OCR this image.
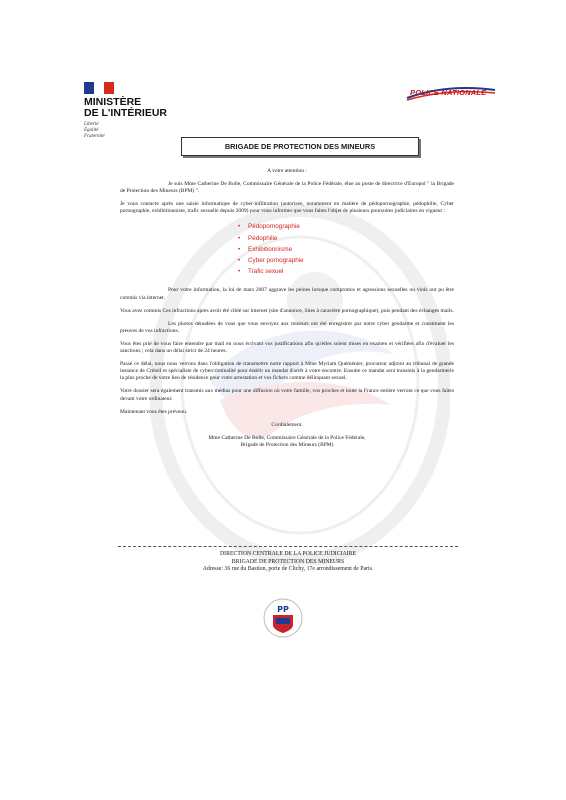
MINISTÈRE
DE L'INTÉRIEUR
Liberté
Égalité
Fraternité
POLICE NATIONALE
BRIGADE DE PROTECTION DES MINEURS

A votre attention :

Je suis Mme Catherine De Bolle, Commissaire Générale de la Police Fédérale, élue au poste de directrice d'Europol " la Brigade de Protection des Mineurs (BPM) ".

Je vous contacte après une saisie informatique de cyber-infiltration (autorisée, notamment en matière de pédopornographie, pédophilie, Cyber pornographie, exhibitionniste, trafic sexuelle depuis 2009) pour vous informer que vous faites l'objet de plusieurs poursuites judiciaires en vigueur :

• Pédopornographie
• Pédophilie
• Exhibitionnisme
• Cyber pornographie
• Trafic sexuel

Pour votre information, la loi de mars 2007 aggrave les peines lorsque compromis et agressions sexuelles ou viols ont pu être commis via internet.

Vous avez commis Ces infractions après avoir été ciblé sur internet (site d'annonce, Sites à caractère pornographique), puis pendant des échanges mails.

Les photos dénudées de vous que vous envoyez aux mineurs ont été enregistrer par notre cyber gendarme et constituent les preuves de vos infractions.

Vous êtes prié de vous faire entendre par mail en nous écrivant vos justifications afin qu'elles soient mises en examen et vérifiées afin d'évaluer les sanctions ; cela dans un délai strict de 24 heures.

Passé ce délai, nous nous verrons dans l'obligation de transmettre notre rapport à Mme Myriam Quéménier, procureur adjoint au tribunal de grande instance de Créteil et spécialiste de cybercriminalité pour établir un mandat d'arrêt à votre encontre. Ensuite ce mandat sera transmis à la gendarmerie la plus proche de votre lieu de résidence pour votre arrestation et vos fichers comme délinquant sexuel.

Votre dossier sera également transmis aux médias pour une diffusion où votre famille, vos proches et toute la France entière verront ce que vous faites devant votre ordinateur.

Maintenant vous êtes prévenu.

Cordialement.

Mme Catherine De Bolle, Commissaire Générale de la Police Fédérale,

Brigade de Protection des Mineurs (BPM)

DIRECTION CENTRALE DE LA POLICE JUDICIAIRE
BRIGADE DE PROTECTION DES MINEURS
Adresse: 36 rue du Bastion, porte de Clichy, 17e arrondissement de Paris.
PP
